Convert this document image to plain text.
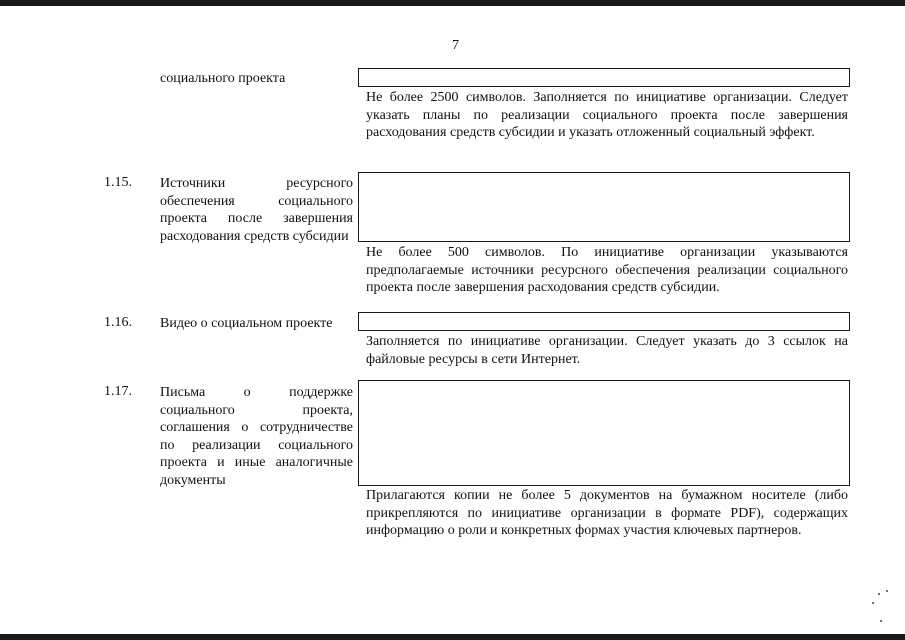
7
социального проекта
Не более 2500 символов. Заполняется по инициативе организации. Следует указать планы по реализации социального проекта после завершения расходования средств субсидии и указать отложенный социальный эффект.
1.15. Источники ресурсного обеспечения социального проекта после завершения расходования средств субсидии
Не более 500 символов. По инициативе организации указываются предполагаемые источники ресурсного обеспечения реализации социального проекта после завершения расходования средств субсидии.
1.16. Видео о социальном проекте
Заполняется по инициативе организации. Следует указать до 3 ссылок на файловые ресурсы в сети Интернет.
1.17. Письма о поддержке социального проекта, соглашения о сотрудничестве по реализации социального проекта и иные аналогичные документы
Прилагаются копии не более 5 документов на бумажном носителе (либо прикрепляются по инициативе организации в формате PDF), содержащих информацию о роли и конкретных формах участия ключевых партнеров.
